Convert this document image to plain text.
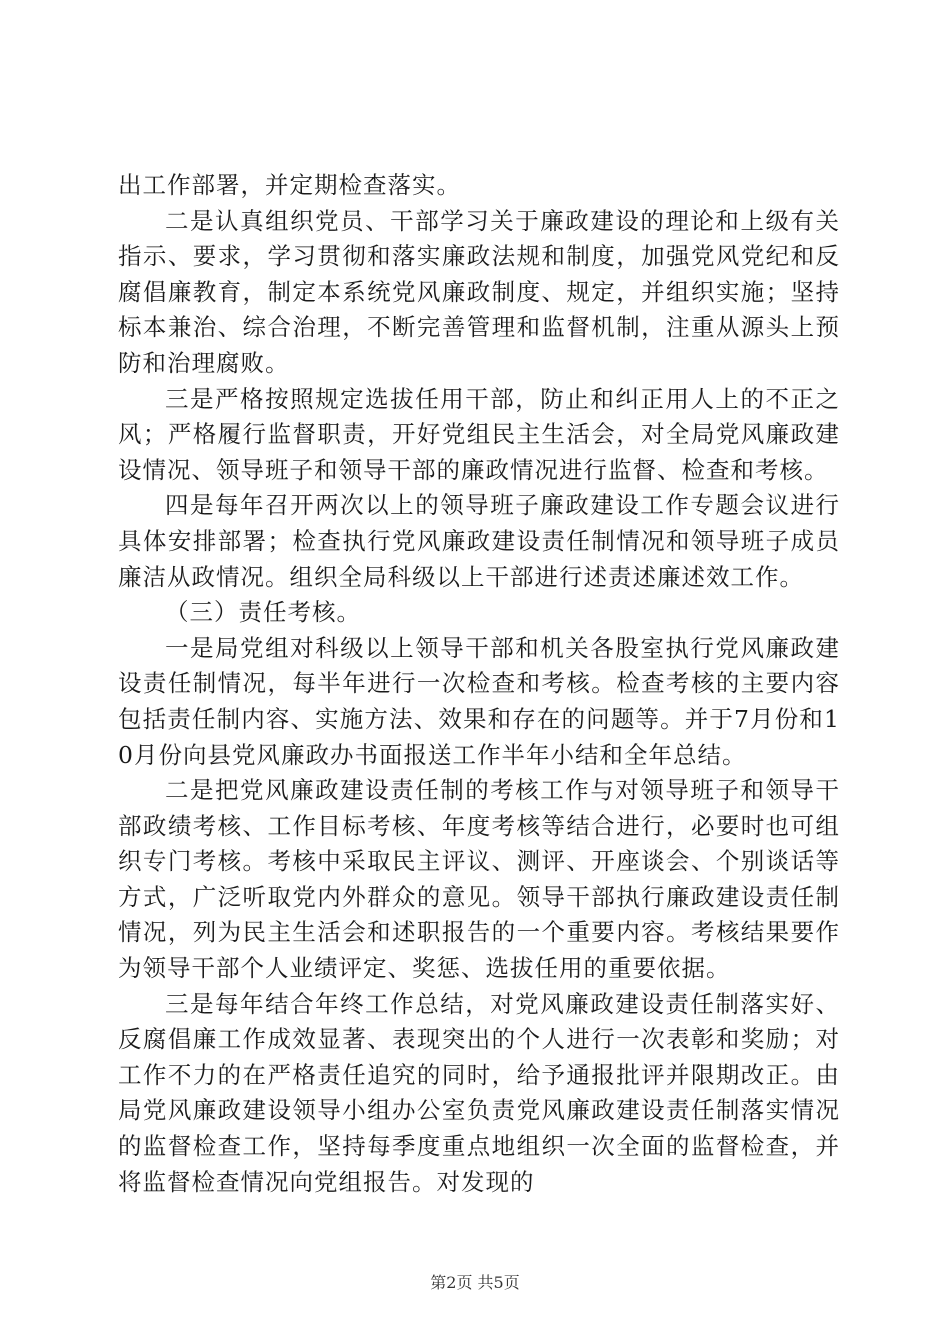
出工作部署，并定期检查落实。

二是认真组织党员、干部学习关于廉政建设的理论和上级有关指示、要求，学习贯彻和落实廉政法规和制度，加强党风党纪和反腐倡廉教育，制定本系统党风廉政制度、规定，并组织实施；坚持标本兼治、综合治理，不断完善管理和监督机制，注重从源头上预防和治理腐败。

三是严格按照规定选拔任用干部，防止和纠正用人上的不正之风；严格履行监督职责，开好党组民主生活会，对全局党风廉政建设情况、领导班子和领导干部的廉政情况进行监督、检查和考核。

四是每年召开两次以上的领导班子廉政建设工作专题会议进行具体安排部署；检查执行党风廉政建设责任制情况和领导班子成员廉洁从政情况。组织全局科级以上干部进行述责述廉述效工作。

（三）责任考核。

一是局党组对科级以上领导干部和机关各股室执行党风廉政建设责任制情况，每半年进行一次检查和考核。检查考核的主要内容包括责任制内容、实施方法、效果和存在的问题等。并于7月份和10月份向县党风廉政办书面报送工作半年小结和全年总结。

二是把党风廉政建设责任制的考核工作与对领导班子和领导干部政绩考核、工作目标考核、年度考核等结合进行，必要时也可组织专门考核。考核中采取民主评议、测评、开座谈会、个别谈话等方式，广泛听取党内外群众的意见。领导干部执行廉政建设责任制情况，列为民主生活会和述职报告的一个重要内容。考核结果要作为领导干部个人业绩评定、奖惩、选拔任用的重要依据。

三是每年结合年终工作总结，对党风廉政建设责任制落实好、反腐倡廉工作成效显著、表现突出的个人进行一次表彰和奖励；对工作不力的在严格责任追究的同时，给予通报批评并限期改正。由局党风廉政建设领导小组办公室负责党风廉政建设责任制落实情况的监督检查工作，坚持每季度重点地组织一次全面的监督检查，并将监督检查情况向党组报告。对发现的

第2页 共5页
